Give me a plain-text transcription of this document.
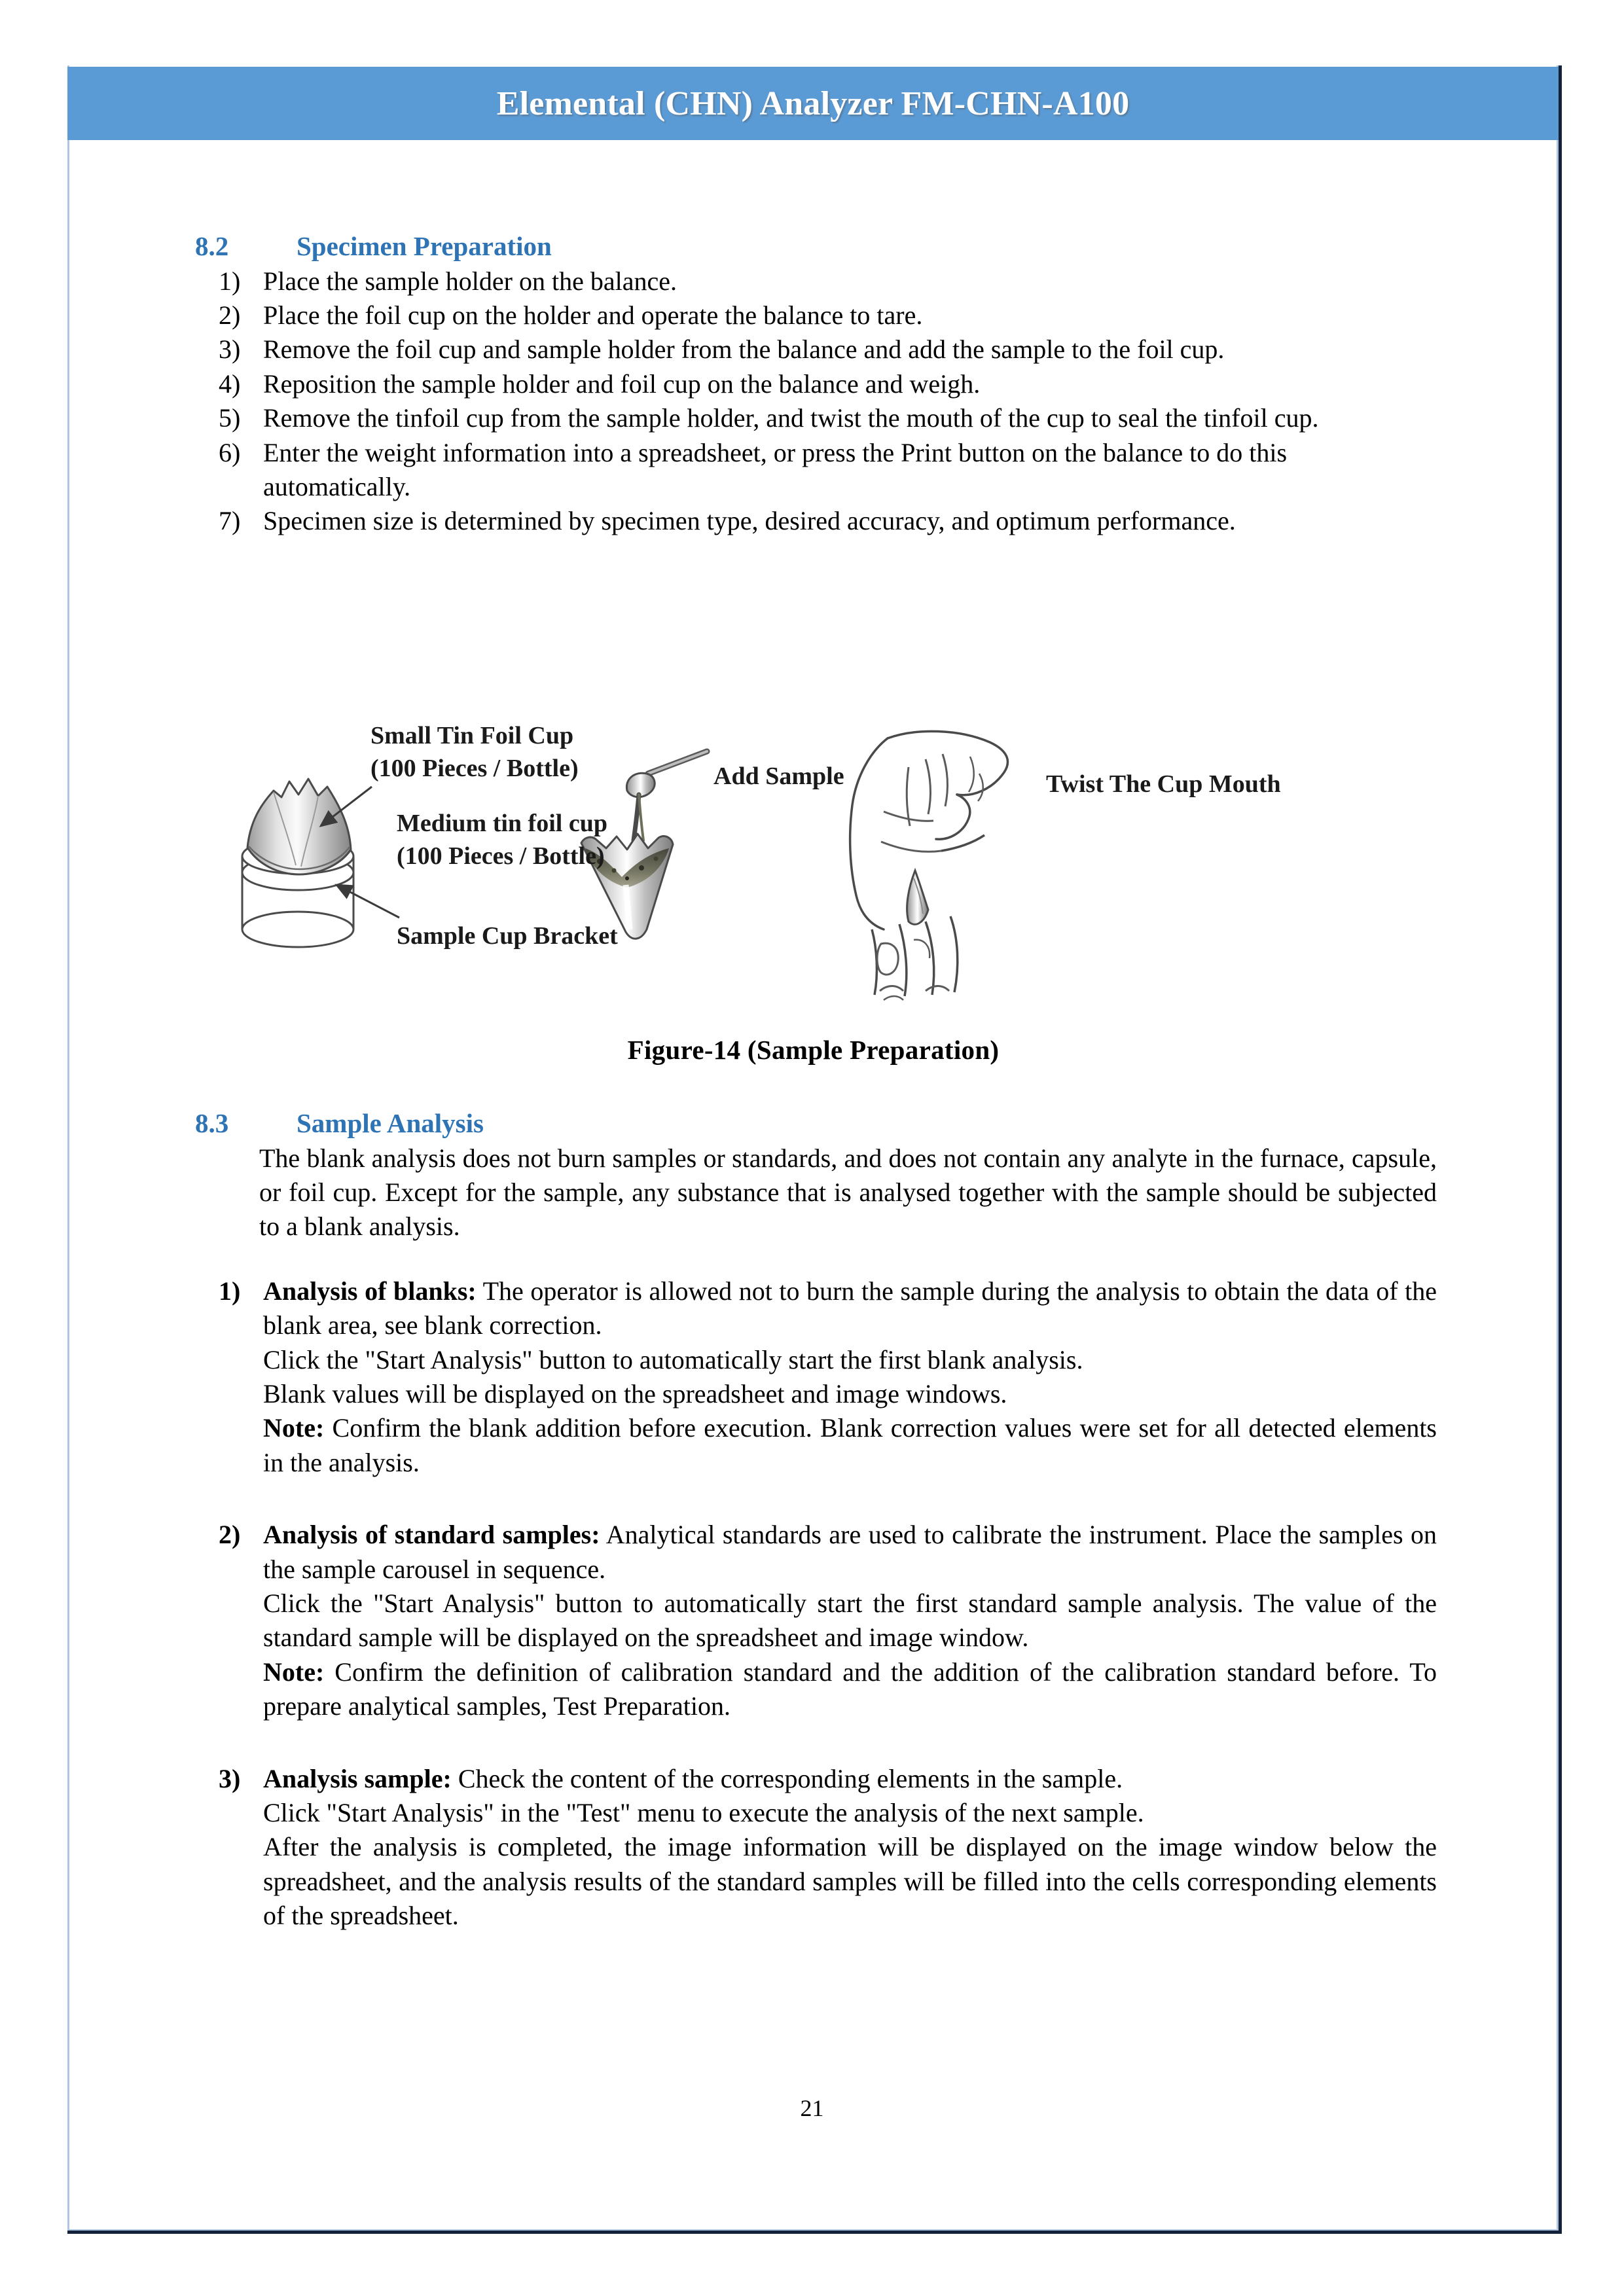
Elemental (CHN) Analyzer FM-CHN-A100
8.2	Specimen Preparation
1) Place the sample holder on the balance.
2) Place the foil cup on the holder and operate the balance to tare.
3) Remove the foil cup and sample holder from the balance and add the sample to the foil cup.
4) Reposition the sample holder and foil cup on the balance and weigh.
5) Remove the tinfoil cup from the sample holder, and twist the mouth of the cup to seal the tinfoil cup.
6) Enter the weight information into a spreadsheet, or press the Print button on the balance to do this automatically.
7) Specimen size is determined by specimen type, desired accuracy, and optimum performance.
Small Tin Foil Cup
(100 Pieces / Bottle)
Medium tin foil cup
(100 Pieces / Bottle)
Sample Cup Bracket
Add Sample	Twist The Cup Mouth
Figure-14 (Sample Preparation)
8.3	Sample Analysis
The blank analysis does not burn samples or standards, and does not contain any analyte in the furnace, capsule, or foil cup. Except for the sample, any substance that is analysed together with the sample should be subjected to a blank analysis.
1) Analysis of blanks: The operator is allowed not to burn the sample during the analysis to obtain the data of the blank area, see blank correction.
Click the "Start Analysis" button to automatically start the first blank analysis.
Blank values will be displayed on the spreadsheet and image windows.
Note: Confirm the blank addition before execution. Blank correction values were set for all detected elements in the analysis.
2) Analysis of standard samples: Analytical standards are used to calibrate the instrument. Place the samples on the sample carousel in sequence.
Click the "Start Analysis" button to automatically start the first standard sample analysis. The value of the standard sample will be displayed on the spreadsheet and image window.
Note: Confirm the definition of calibration standard and the addition of the calibration standard before. To prepare analytical samples, Test Preparation.
3) Analysis sample: Check the content of the corresponding elements in the sample.
Click "Start Analysis" in the "Test" menu to execute the analysis of the next sample.
After the analysis is completed, the image information will be displayed on the image window below the spreadsheet, and the analysis results of the standard samples will be filled into the cells corresponding elements of the spreadsheet.
21
